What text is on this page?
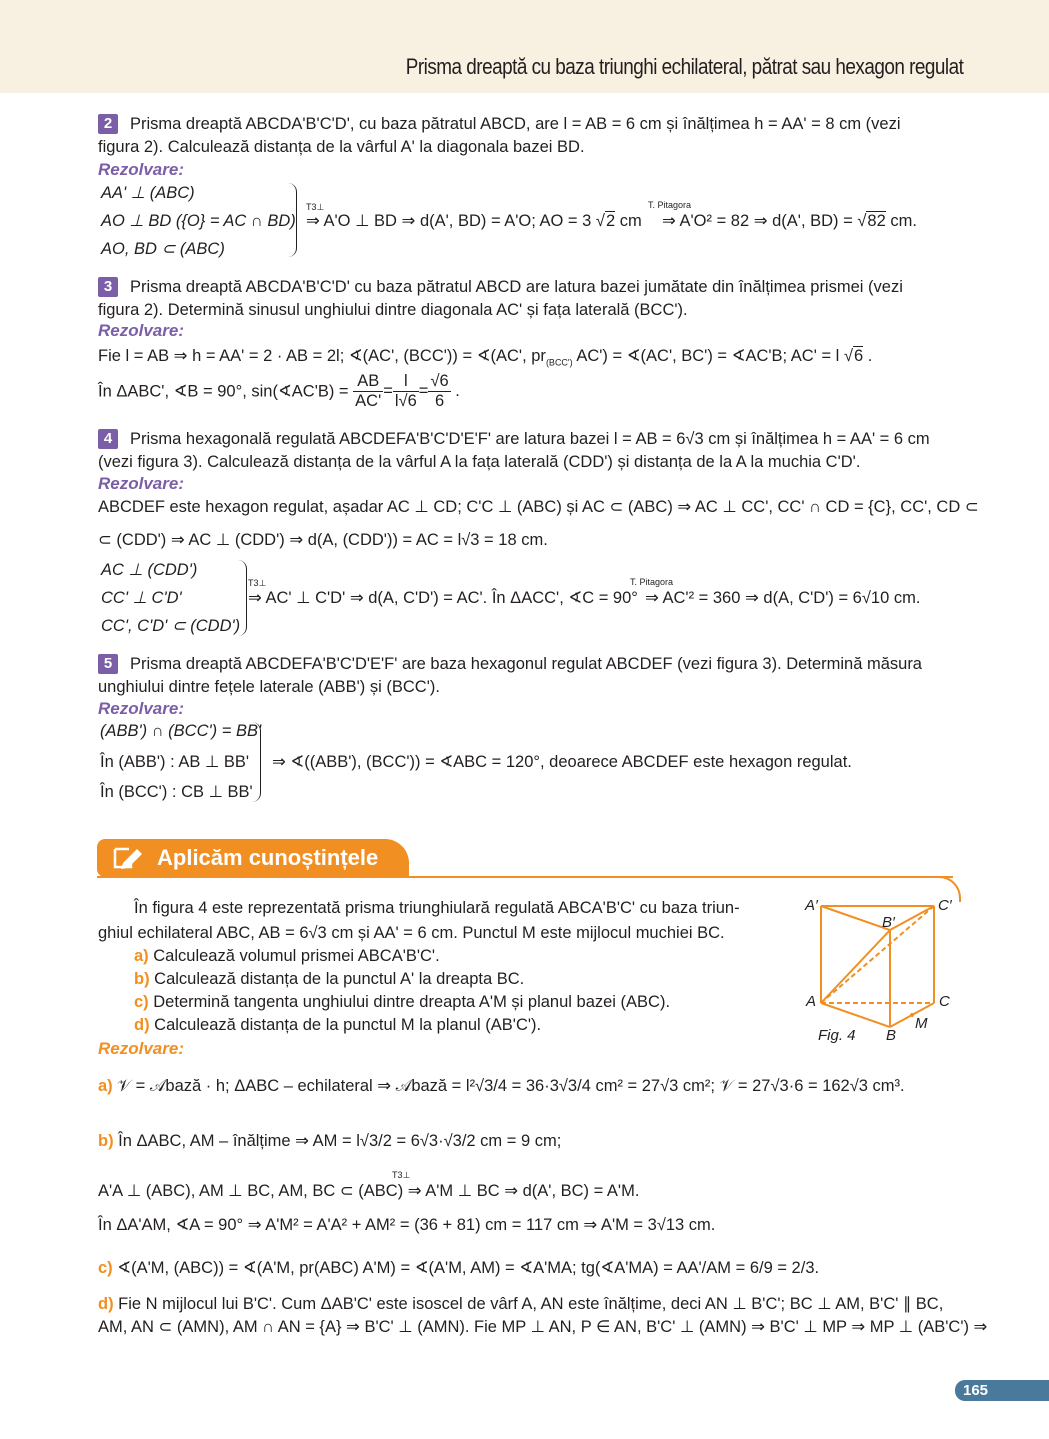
Prisma dreaptă cu baza triunghi echilateral, pătrat sau hexagon regulat
2 Prisma dreaptă ABCDA'B'C'D', cu baza pătratul ABCD, are l = AB = 6 cm și înălțimea h = AA' = 8 cm (vezi
figura 2). Calculează distanța de la vârful A' la diagonala bazei BD.
Rezolvare:
AA' ⊥ (ABC)
AO ⊥ BD ({O} = AC ∩ BD)
AO, BD ⊂ (ABC)
T3⊥
⇒ A'O ⊥ BD ⇒ d(A', BD) = A'O; AO = 3 √2 cm
T. Pitagora
⇒ A'O² = 82 ⇒ d(A', BD) = √82 cm.
3 Prisma dreaptă ABCDA'B'C'D' cu baza pătratul ABCD are latura bazei jumătate din înălțimea prismei (vezi
figura 2). Determină sinusul unghiului dintre diagonala AC' și fața laterală (BCC').
Rezolvare:
Fie l = AB ⇒ h = AA' = 2 · AB = 2l; ∢(AC', (BCC')) = ∢(AC', $pr_{(BCC')}$ AC') = ∢(AC', BC') = ∢AC'B; AC' = l √6 .
În ΔABC', ∢B = 90°, sin(∢AC'B) = $\frac{AB}{AC'} = \frac{l}{l√6} = \frac{√6}{6}$ .
4 Prisma hexagonală regulată ABCDEFA'B'C'D'E'F' are latura bazei l = AB = 6√3 cm și înălțimea h = AA' = 6 cm
(vezi figura 3). Calculează distanța de la vârful A la fața laterală (CDD') și distanța de la A la muchia C'D'.
Rezolvare:
ABCDEF este hexagon regulat, așadar AC ⊥ CD; C'C ⊥ (ABC) și AC ⊂ (ABC) ⇒ AC ⊥ CC', CC' ∩ CD = {C}, CC', CD ⊂
⊂ (CDD') ⇒ AC ⊥ (CDD') ⇒ d(A, (CDD')) = AC = l√3 = 18 cm.
AC ⊥ (CDD')
CC' ⊥ C'D'
CC', C'D' ⊂ (CDD')
T3⊥
⇒ AC' ⊥ C'D' ⇒ d(A, C'D') = AC'. În ΔACC', ∢C = 90°
T. Pitagora
⇒ AC'² = 360 ⇒ d(A, C'D') = 6√10 cm.
5 Prisma dreaptă ABCDEFA'B'C'D'E'F' are baza hexagonul regulat ABCDEF (vezi figura 3). Determină măsura
unghiului dintre fețele laterale (ABB') și (BCC').
Rezolvare:
(ABB') ∩ (BCC') = BB'
În (ABB') : AB ⊥ BB'
În (BCC') : CB ⊥ BB'
⇒ ∢((ABB'), (BCC')) = ∢ABC = 120°, deoarece ABCDEF este hexagon regulat.
Aplicăm cunoștințele
În figura 4 este reprezentată prisma triunghiulară regulată ABCA'B'C' cu baza triun-
ghiul echilateral ABC, AB = 6√3 cm și AA' = 6 cm. Punctul M este mijlocul muchiei BC.
a) Calculează volumul prismei ABCA'B'C'.
b) Calculează distanța de la punctul A' la dreapta BC.
c) Determină tangenta unghiului dintre dreapta A'M și planul bazei (ABC).
d) Calculează distanța de la punctul M la planul (AB'C').
Rezolvare:
a) 𝒱 = 𝒜bază · h; ΔABC – echilateral ⇒ 𝒜bază = l²√3/4 = 36·3√3/4 cm² = 27√3 cm²; 𝒱 = 27√3·6 = 162√3 cm³.
b) În ΔABC, AM – înălțime ⇒ AM = l√3/2 = 6√3·√3/2 cm = 9 cm;
T3⊥
A'A ⊥ (ABC), AM ⊥ BC, AM, BC ⊂ (ABC) ⇒ A'M ⊥ BC ⇒ d(A', BC) = A'M.
În ΔA'AM, ∢A = 90° ⇒ A'M² = A'A² + AM² = (36 + 81) cm = 117 cm ⇒ A'M = 3√13 cm.
c) ∢(A'M, (ABC)) = ∢(A'M, pr(ABC) A'M) = ∢(A'M, AM) = ∢A'MA; tg(∢A'MA) = AA'/AM = 6/9 = 2/3.
d) Fie N mijlocul lui B'C'. Cum ΔAB'C' este isoscel de vârf A, AN este înălțime, deci AN ⊥ B'C'; BC ⊥ AM, B'C' ∥ BC,
AM, AN ⊂ (AMN), AM ∩ AN = {A} ⇒ B'C' ⊥ (AMN). Fie MP ⊥ AN, P ∈ AN, B'C' ⊥ (AMN) ⇒ B'C' ⊥ MP ⇒ MP ⊥ (AB'C') ⇒
A′
B′
C′
A	C
M
B
Fig. 4
165
